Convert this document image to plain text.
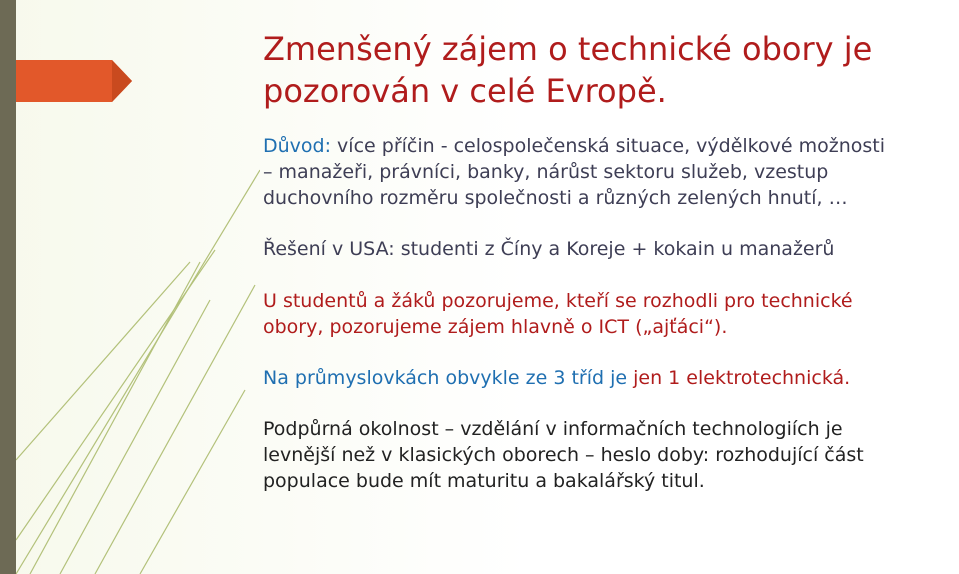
Zmenšený zájem o technické obory je
pozorován v celé Evropě.

Důvod: více příčin - celospolečenská situace, výdělkové možnosti
– manažeři, právníci, banky, nárůst sektoru služeb, vzestup
duchovního rozměru společnosti a různých zelených hnutí, …

Řešení v USA: studenti z Číny a Koreje + kokain u manažerů

U studentů a žáků pozorujeme, kteří se rozhodli pro technické
obory, pozorujeme zájem hlavně o ICT („ajťáci“).

Na průmyslovkách obvykle ze 3 tříd je jen 1 elektrotechnická.

Podpůrná okolnost – vzdělání v informačních technologiích je
levnější než v klasických oborech – heslo doby: rozhodující část
populace bude mít maturitu a bakalářský titul.
